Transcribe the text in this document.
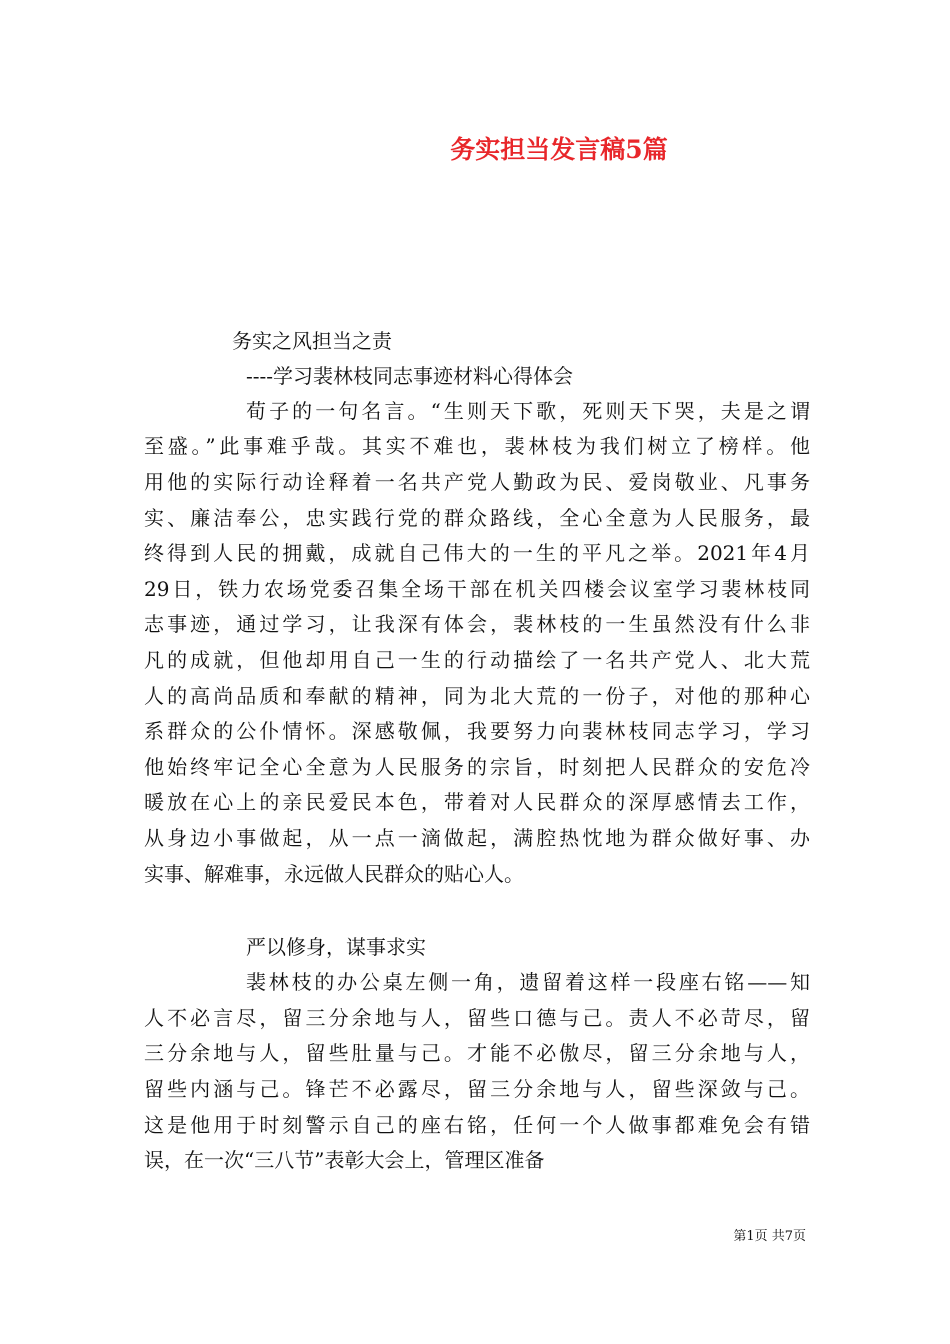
务实担当发言稿5篇
务实之风担当之责
----学习裴林枝同志事迹材料心得体会
荀子的一句名言。“生则天下歌，死则天下哭，夫是之谓
至盛。”此事难乎哉。其实不难也，裴林枝为我们树立了榜样。他
用他的实际行动诠释着一名共产党人勤政为民、爱岗敬业、凡事务
实、廉洁奉公，忠实践行党的群众路线，全心全意为人民服务，最
终得到人民的拥戴，成就自己伟大的一生的平凡之举。2021年4月
29日，铁力农场党委召集全场干部在机关四楼会议室学习裴林枝同
志事迹，通过学习，让我深有体会，裴林枝的一生虽然没有什么非
凡的成就，但他却用自己一生的行动描绘了一名共产党人、北大荒
人的高尚品质和奉献的精神，同为北大荒的一份子，对他的那种心
系群众的公仆情怀。深感敬佩，我要努力向裴林枝同志学习，学习
他始终牢记全心全意为人民服务的宗旨，时刻把人民群众的安危冷
暖放在心上的亲民爱民本色，带着对人民群众的深厚感情去工作，
从身边小事做起，从一点一滴做起，满腔热忱地为群众做好事、办
实事、解难事，永远做人民群众的贴心人。
严以修身，谋事求实
裴林枝的办公桌左侧一角，遗留着这样一段座右铭——知
人不必言尽，留三分余地与人，留些口德与己。责人不必苛尽，留
三分余地与人，留些肚量与己。才能不必傲尽，留三分余地与人，
留些内涵与己。锋芒不必露尽，留三分余地与人，留些深敛与己。
这是他用于时刻警示自己的座右铭，任何一个人做事都难免会有错
误，在一次“三八节”表彰大会上，管理区准备
第1页 共7页
